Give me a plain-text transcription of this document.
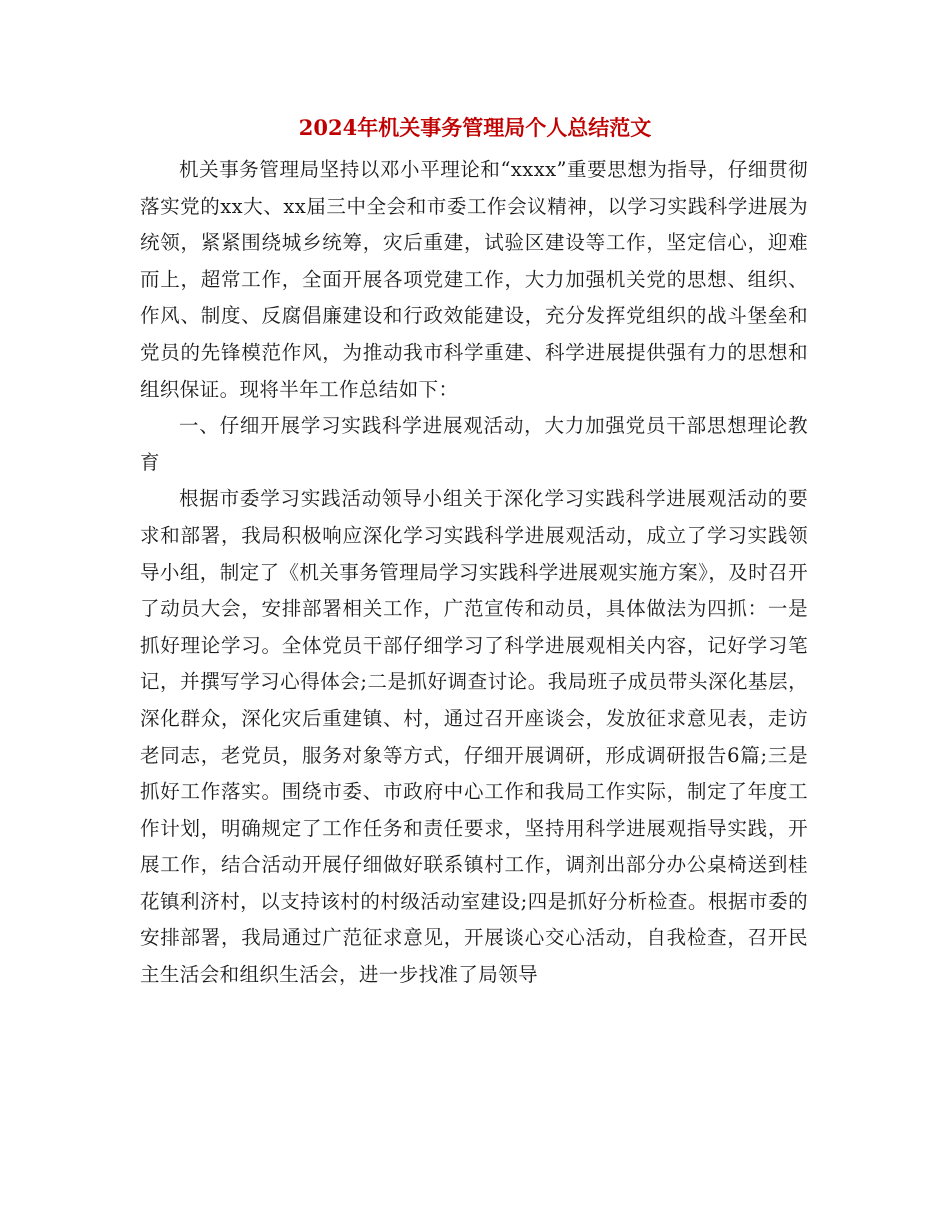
2024年机关事务管理局个人总结范文

机关事务管理局坚持以邓小平理论和“xxxx”重要思想为指导，仔细贯彻落实党的xx大、xx届三中全会和市委工作会议精神，以学习实践科学进展为统领，紧紧围绕城乡统筹，灾后重建，试验区建设等工作，坚定信心，迎难而上，超常工作，全面开展各项党建工作，大力加强机关党的思想、组织、作风、制度、反腐倡廉建设和行政效能建设，充分发挥党组织的战斗堡垒和党员的先锋模范作风，为推动我市科学重建、科学进展提供强有力的思想和组织保证。现将半年工作总结如下：

一、仔细开展学习实践科学进展观活动，大力加强党员干部思想理论教育

根据市委学习实践活动领导小组关于深化学习实践科学进展观活动的要求和部署，我局积极响应深化学习实践科学进展观活动，成立了学习实践领导小组，制定了《机关事务管理局学习实践科学进展观实施方案》，及时召开了动员大会，安排部署相关工作，广范宣传和动员，具体做法为四抓：一是抓好理论学习。全体党员干部仔细学习了科学进展观相关内容，记好学习笔记，并撰写学习心得体会;二是抓好调查讨论。我局班子成员带头深化基层，深化群众，深化灾后重建镇、村，通过召开座谈会，发放征求意见表，走访老同志，老党员，服务对象等方式，仔细开展调研，形成调研报告6篇;三是抓好工作落实。围绕市委、市政府中心工作和我局工作实际，制定了年度工作计划，明确规定了工作任务和责任要求，坚持用科学进展观指导实践，开展工作，结合活动开展仔细做好联系镇村工作，调剂出部分办公桌椅送到桂花镇利济村，以支持该村的村级活动室建设;四是抓好分析检查。根据市委的安排部署，我局通过广范征求意见，开展谈心交心活动，自我检查，召开民主生活会和组织生活会，进一步找准了局领导
